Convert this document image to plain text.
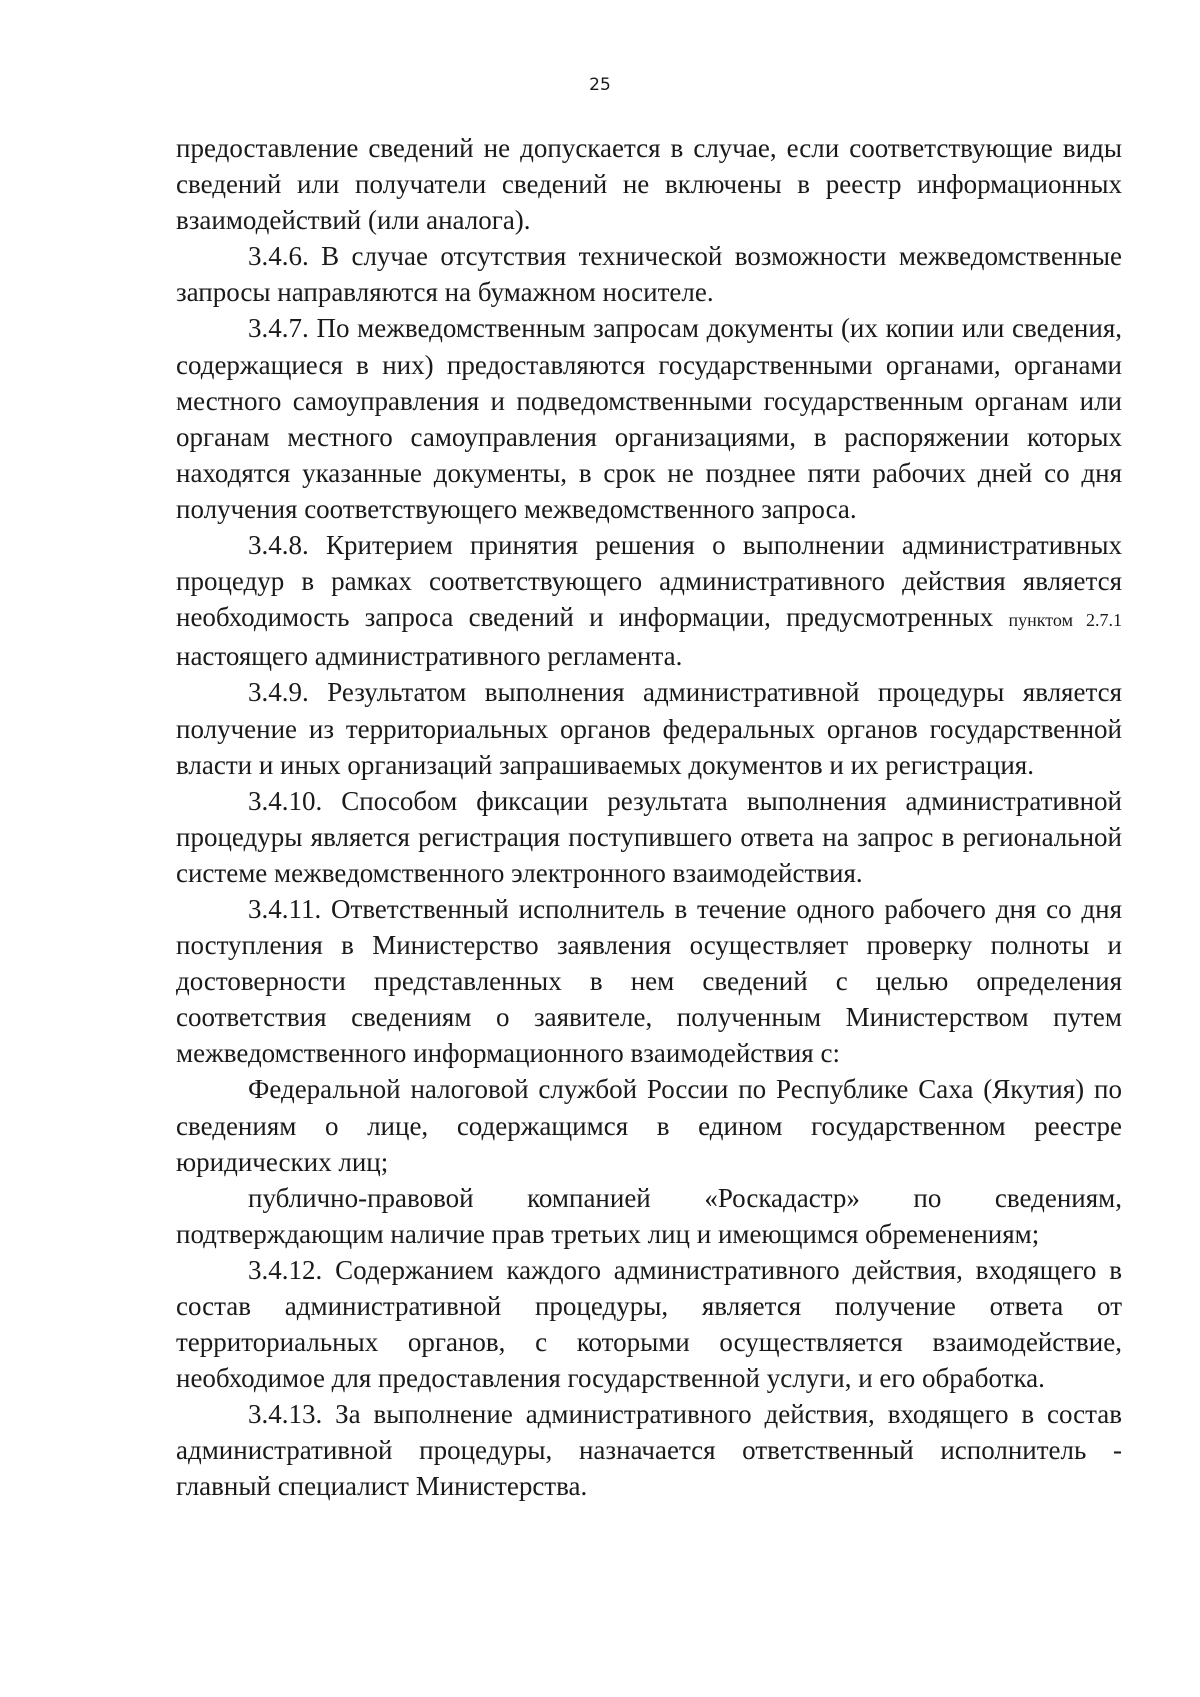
25

предоставление сведений не допускается в случае, если соответствующие виды сведений или получатели сведений не включены в реестр информационных взаимодействий (или аналога).

3.4.6. В случае отсутствия технической возможности межведомственные запросы направляются на бумажном носителе.

3.4.7. По межведомственным запросам документы (их копии или сведения, содержащиеся в них) предоставляются государственными органами, органами местного самоуправления и подведомственными государственным органам или органам местного самоуправления организациями, в распоряжении которых находятся указанные документы, в срок не позднее пяти рабочих дней со дня получения соответствующего межведомственного запроса.

3.4.8. Критерием принятия решения о выполнении административных процедур в рамках соответствующего административного действия является необходимость запроса сведений и информации, предусмотренных пунктом 2.7.1 настоящего административного регламента.

3.4.9. Результатом выполнения административной процедуры является получение из территориальных органов федеральных органов государственной власти и иных организаций запрашиваемых документов и их регистрация.

3.4.10. Способом фиксации результата выполнения административной процедуры является регистрация поступившего ответа на запрос в региональной системе межведомственного электронного взаимодействия.

3.4.11. Ответственный исполнитель в течение одного рабочего дня со дня поступления в Министерство заявления осуществляет проверку полноты и достоверности представленных в нем сведений с целью определения соответствия сведениям о заявителе, полученным Министерством путем межведомственного информационного взаимодействия с:

Федеральной налоговой службой России по Республике Саха (Якутия) по сведениям о лице, содержащимся в едином государственном реестре юридических лиц;

публично-правовой компанией «Роскадастр» по сведениям, подтверждающим наличие прав третьих лиц и имеющимся обременениям;

3.4.12. Содержанием каждого административного действия, входящего в состав административной процедуры, является получение ответа от территориальных органов, с которыми осуществляется взаимодействие, необходимое для предоставления государственной услуги, и его обработка.

3.4.13. За выполнение административного действия, входящего в состав административной процедуры, назначается ответственный исполнитель - главный специалист Министерства.
